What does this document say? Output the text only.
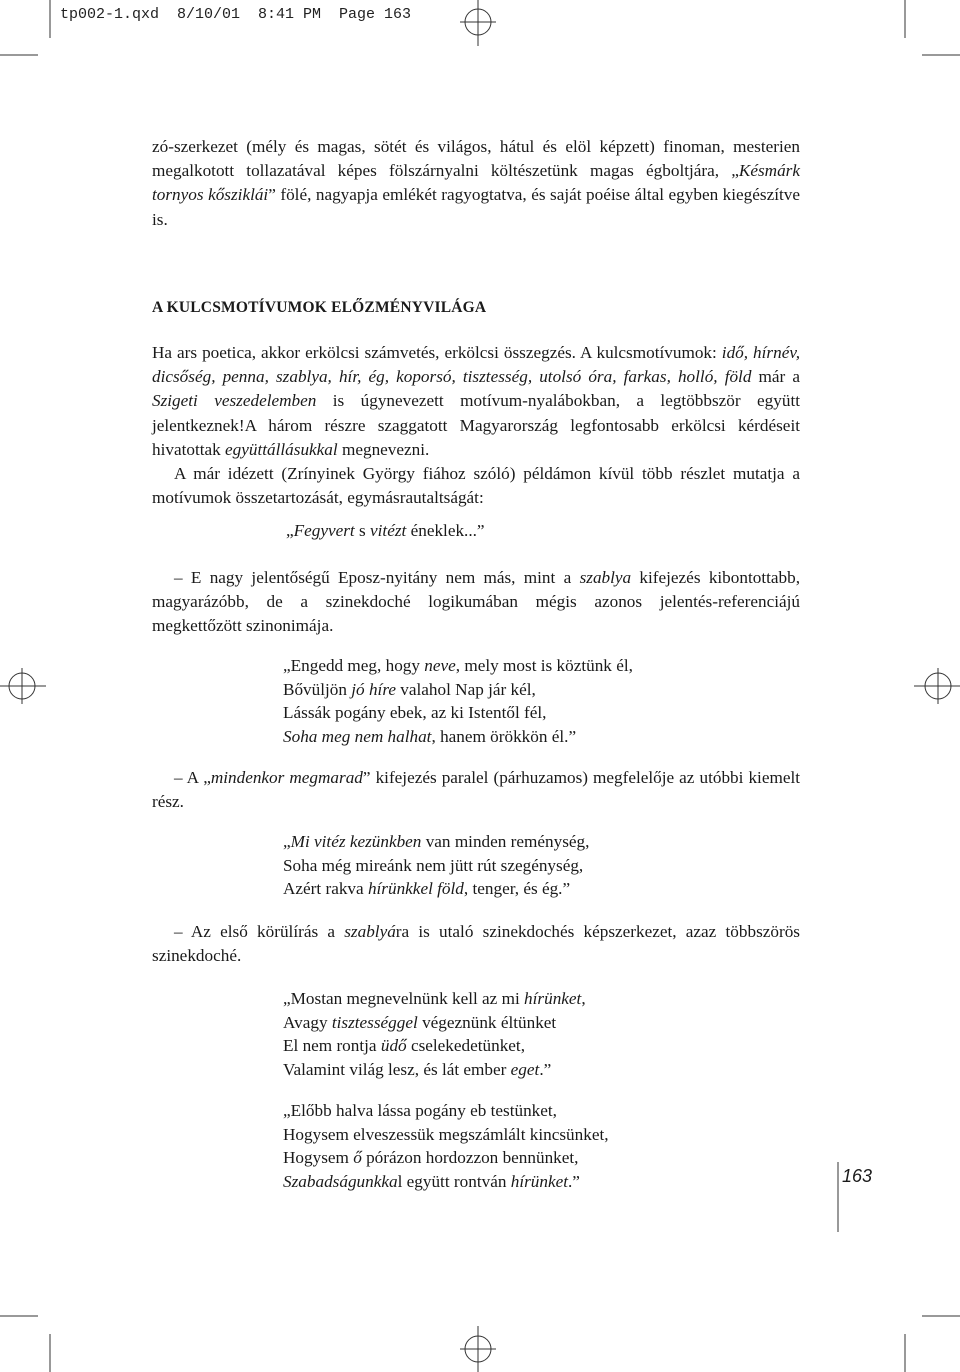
tp002-1.qxd  8/10/01  8:41 PM  Page 163

zó-szerkezet (mély és magas, sötét és világos, hátul és elöl képzett) finoman, mesterien megalkotott tollazatával képes fölszárnyalni költészetünk magas égboltjára, „Késmárk tornyos kősziklái” fölé, nagyapja emlékét ragyogtatva, és saját poéise által egyben kiegészítve is.

A KULCSMOTÍVUMOK ELŐZMÉNYVILÁGA

Ha ars poetica, akkor erkölcsi számvetés, erkölcsi összegzés. A kulcsmotívumok: idő, hírnév, dicsőség, penna, szablya, hír, ég, koporsó, tisztesség, utolsó óra, farkas, holló, föld már a Szigeti veszedelemben is úgynevezett motívum-nyalábokban, a legtöbbször együtt jelentkeznek!A három részre szaggatott Magyarország legfontosabb erkölcsi kérdéseit hivatottak együttállásukkal megnevezni.

A már idézett (Zrínyinek György fiához szóló) példámon kívül több részlet mutatja a motívumok összetartozását, egymásrautaltságát:

„Fegyvert s vitézt éneklek...”

– E nagy jelentőségű Eposz-nyitány nem más, mint a szablya kifejezés kibontottabb, magyarázóbb, de a szinekdoché logikumában mégis azonos jelentés-referenciájú megkettőzött szinonimája.

„Engedd meg, hogy neve, mely most is köztünk él,
Bővüljön jó híre valahol Nap jár kél,
Lássák pogány ebek, az ki Istentől fél,
Soha meg nem halhat, hanem örökkön él.”

– A „mindenkor megmarad” kifejezés paralel (párhuzamos) megfelelője az utóbbi kiemelt rész.

„Mi vitéz kezünkben van minden reménység,
Soha még mireánk nem jütt rút szegénység,
Azért rakva hírünkkel föld, tenger, és ég.”

– Az első körülírás a szablyára is utaló szinekdochés képszerkezet, azaz többszörös szinekdoché.

„Mostan megnevelnünk kell az mi hírünket,
Avagy tisztességgel végeznünk éltünket
El nem rontja üdő cselekedetünket,
Valamint világ lesz, és lát ember eget.”
„Előbb halva lássa pogány eb testünket,
Hogysem elveszessük megszámlált kincsünket,
Hogysem ő pórázon hordozzon bennünket,
Szabadságunkkal együtt rontván hírünket.”	163
